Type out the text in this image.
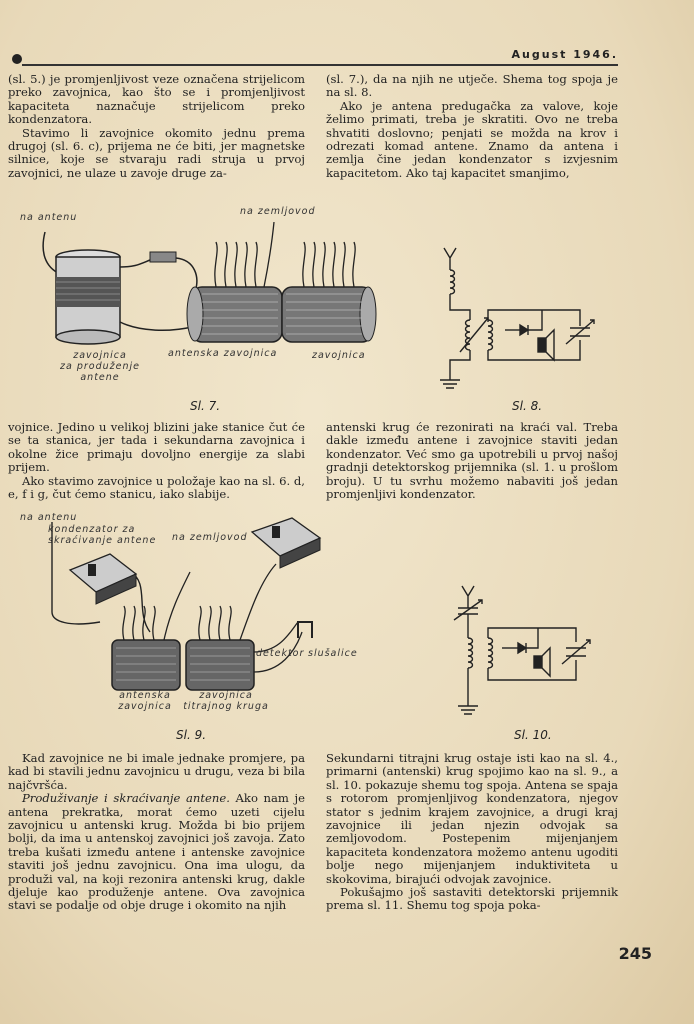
August 1946.

(sl. 5.) je promjenljivost veze označena strijelicom preko zavojnica, kao što se i promjenljivost kapaciteta naznačuje strijelicom preko kondenzatora.

Stavimo li zavojnice okomito jednu prema drugoj (sl. 6. c), prijema ne će biti, jer magnetske silnice, koje se stvaraju radi struja u prvoj zavojnici, ne ulaze u zavoje druge za-

(sl. 7.), da na njih ne utječe. Shema tog spoja je na sl. 8.

Ako je antena predugačka za valove, koje želimo primati, treba je skratiti. Ovo ne treba shvatiti doslovno; penjati se možda na krov i odrezati komad antene. Znamo da antena i zemlja čine jedan kondenzator s izvjesnim kapacitetom. Ako taj kapacitet smanjimo,

na antenu
na zemljovod
zavojnica
za produženje
antene
antenska zavojnica	zavojnica
Sl. 7.	Sl. 8.

vojnice. Jedino u velikoj blizini jake stanice čut će se ta stanica, jer tada i sekundarna zavojnica i okolne žice primaju dovoljno energije za slabi prijem.

Ako stavimo zavojnice u položaje kao na sl. 6. d, e, f i g, čut ćemo stanicu, iako slabije.

antenski krug će rezonirati na kraći val. Treba dakle između antene i zavojnice staviti jedan kondenzator. Već smo ga upotrebili u prvoj našoj gradnji detektorskog prijemnika (sl. 1. u prošlom broju). U tu svrhu možemo nabaviti još jedan promjenljivi kondenzator.

na antenu
kondenzator za
skraćivanje antene na zemljovod
detektor slušalice
antenska
zavojnica
zavojnica
titrajnog kruga
Sl. 9.	Sl. 10.

Kad zavojnice ne bi imale jednake promjere, pa kad bi stavili jednu zavojnicu u drugu, veza bi bila najčvršća.

Produživanje i skraćivanje antene. Ako nam je antena prekratka, morat ćemo uzeti cijelu zavojnicu u antenski krug. Možda bi bio prijem bolji, da ima u antenskoj zavojnici još zavoja. Zato treba kušati između antene i antenske zavojnice staviti još jednu zavojnicu. Ona ima ulogu, da produži val, na koji rezonira antenski krug, dakle djeluje kao produženje antene. Ova zavojnica stavi se podalje od obje druge i okomito na njih

Sekundarni titrajni krug ostaje isti kao na sl. 4., primarni (antenski) krug spojimo kao na sl. 9., a sl. 10. pokazuje shemu tog spoja. Antena se spaja s rotorom promjenljivog kondenzatora, njegov stator s jednim krajem zavojnice, a drugi kraj zavojnice ili jedan njezin odvojak sa zemljovodom. Postepenim mijenjanjem kapaciteta kondenzatora možemo antenu ugoditi bolje nego mijenjanjem induktiviteta u skokovima, birajući odvojak zavojnice.

Pokušajmo još sastaviti detektorski prijemnik prema sl. 11. Shemu tog spoja poka-

245
